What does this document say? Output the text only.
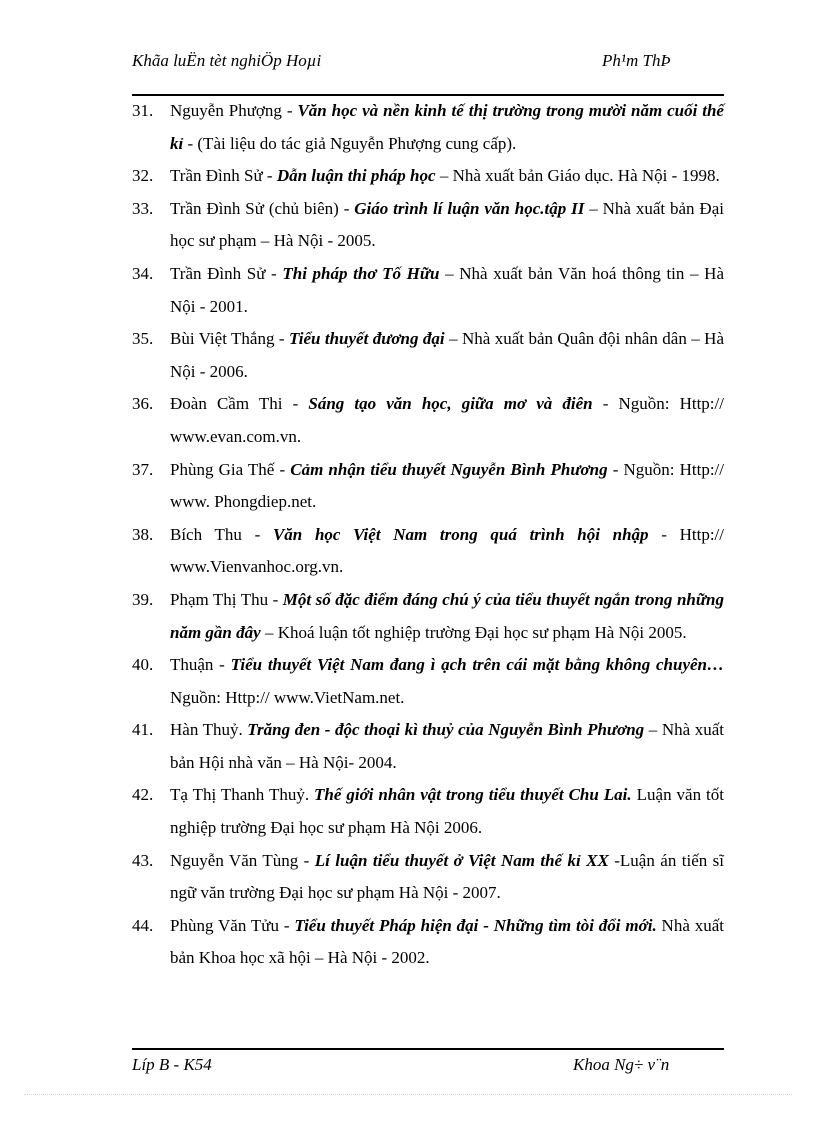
Khãa luËn tèt nghiÖp Hoµi	Ph¹m ThÞ

31. Nguyễn Phượng - Văn học và nền kinh tế thị trường trong mười năm cuối thế kỉ - (Tài liệu do tác giả Nguyễn Phượng cung cấp).

32. Trần Đình Sử - Dẫn luận thi pháp học – Nhà xuất bản Giáo dục. Hà Nội - 1998.

33. Trần Đình Sử (chủ biên) - Giáo trình lí luận văn học.tập II – Nhà xuất bản Đại học sư phạm – Hà Nội - 2005.

34. Trần Đình Sử - Thi pháp thơ Tố Hữu – Nhà xuất bản Văn hoá thông tin – Hà Nội - 2001.

35. Bùi Việt Thắng - Tiểu thuyết đương đại – Nhà xuất bản Quân đội nhân dân – Hà Nội - 2006.

36. Đoàn Cầm Thi - Sáng tạo văn học, giữa mơ và điên - Nguồn: Http:// www.evan.com.vn.

37. Phùng Gia Thế - Cảm nhận tiểu thuyết Nguyễn Bình Phương - Nguồn: Http:// www. Phongdiep.net.

38. Bích Thu - Văn học Việt Nam trong quá trình hội nhập - Http:// www.Vienvanhoc.org.vn.

39. Phạm Thị Thu - Một số đặc điểm đáng chú ý của tiểu thuyết ngắn trong những năm gần đây – Khoá luận tốt nghiệp trường Đại học sư phạm Hà Nội 2005.

40. Thuận - Tiểu thuyết Việt Nam đang ì ạch trên cái mặt bằng không chuyên… Nguồn: Http:// www.VietNam.net.

41. Hàn Thuỷ. Trăng đen - độc thoại kì thuỷ của Nguyễn Bình Phương – Nhà xuất bản Hội nhà văn – Hà Nội- 2004.

42. Tạ Thị Thanh Thuỷ. Thế giới nhân vật trong tiểu thuyết Chu Lai. Luận văn tốt nghiệp trường Đại học sư phạm Hà Nội 2006.

43. Nguyễn Văn Tùng - Lí luận tiểu thuyết ở Việt Nam thế kỉ XX -Luận án tiến sĩ ngữ văn trường Đại học sư phạm Hà Nội - 2007.

44. Phùng Văn Tửu - Tiểu thuyết Pháp hiện đại - Những tìm tòi đổi mới. Nhà xuất bản Khoa học xã hội – Hà Nội - 2002.

Líp B - K54	Khoa Ng÷ v¨n
